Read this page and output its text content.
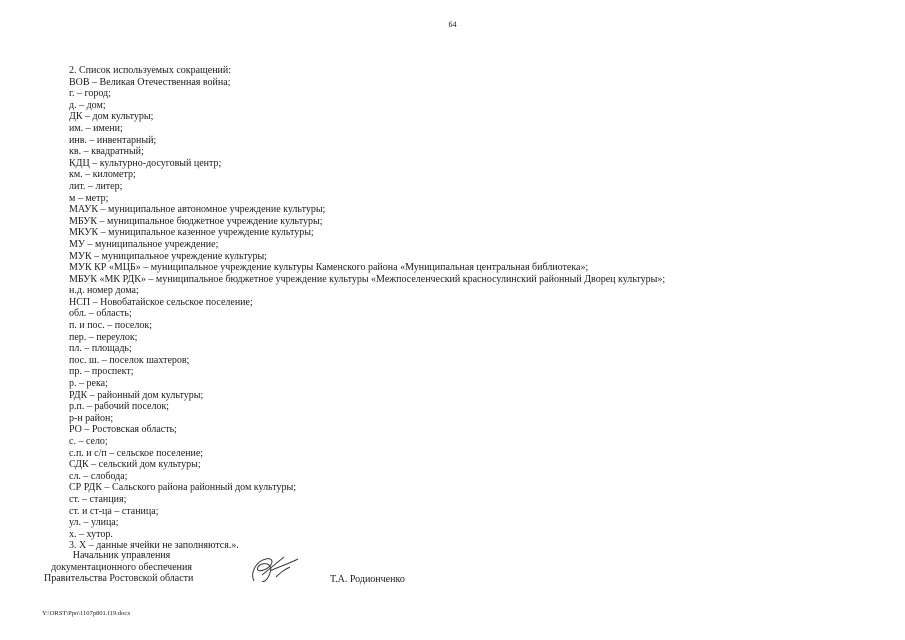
64
2. Список используемых сокращений:
ВОВ – Великая Отечественная война;
г. – город;
д. – дом;
ДК – дом культуры;
им. – имени;
инв. – инвентарный;
кв. – квадратный;
КДЦ – культурно-досуговый центр;
км. – километр;
лит. – литер;
м – метр;
МАУК – муниципальное автономное учреждение культуры;
МБУК – муниципальное бюджетное учреждение культуры;
МКУК – муниципальное казенное учреждение культуры;
МУ – муниципальное учреждение;
МУК – муниципальное учреждение культуры;
МУК КР «МЦБ» – муниципальное учреждение культуры Каменского района «Муниципальная центральная библиотека»;
МБУК «МК РДК» – муниципальное бюджетное учреждение культуры «Межпоселенческий красносулинский районный Дворец культуры»;
н.д. номер дома;
НСП – Новобатайское сельское поселение;
обл. – область;
п. и пос. – поселок;
пер. – переулок;
пл. – площадь;
пос. ш. – поселок шахтеров;
пр. – проспект;
р. – река;
РДК – районный дом культуры;
р.п. – рабочий поселок;
р-н район;
РО – Ростовская область;
с. – село;
с.п. и с/п – сельское поселение;
СДК – сельский дом культуры;
сл. – слобода;
СР РДК – Сальского района районный дом культуры;
ст. – станция;
ст. и ст-ца – станица;
ул. – улица;
х. – хутор.
3. Х – данные ячейки не заполняются.».
Начальник управления
документационного обеспечения
Правительства Ростовской области	Т.А. Родионченко
Y:\ORST\Ppo\1107p801.f19.docx
